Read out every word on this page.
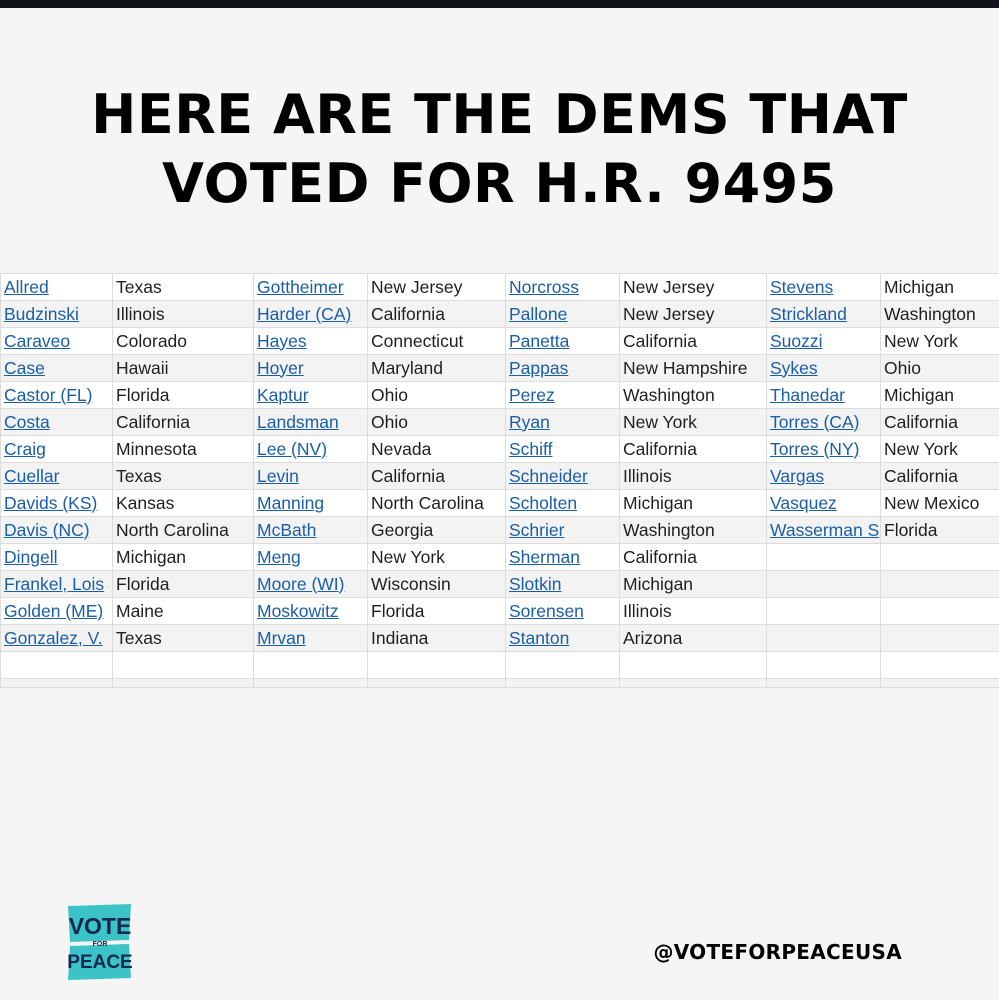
HERE ARE THE DEMS THAT
VOTED FOR H.R. 9495
Allred	Texas	Gottheimer	New Jersey	Norcross	New Jersey	Stevens	Michigan
Budzinski	Illinois	Harder (CA)	California	Pallone	New Jersey	Strickland	Washington
Caraveo	Colorado	Hayes	Connecticut	Panetta	California	Suozzi	New York
Case	Hawaii	Hoyer	Maryland	Pappas	New Hampshire	Sykes	Ohio
Castor (FL)	Florida	Kaptur	Ohio	Perez	Washington	Thanedar	Michigan
Costa	California	Landsman	Ohio	Ryan	New York	Torres (CA)	California
Craig	Minnesota	Lee (NV)	Nevada	Schiff	California	Torres (NY)	New York
Cuellar	Texas	Levin	California	Schneider	Illinois	Vargas	California
Davids (KS)	Kansas	Manning	North Carolina	Scholten	Michigan	Vasquez	New Mexico
Davis (NC)	North Carolina	McBath	Georgia	Schrier	Washington	Wasserman S	Florida
Dingell	Michigan	Meng	New York	Sherman	California		
Frankel, Lois	Florida	Moore (WI)	Wisconsin	Slotkin	Michigan		
Golden (ME)	Maine	Moskowitz	Florida	Sorensen	Illinois		
Gonzalez, V.	Texas	Mrvan	Indiana	Stanton	Arizona		

VOTE
FOR
PEACE	@VOTEFORPEACEUSA
